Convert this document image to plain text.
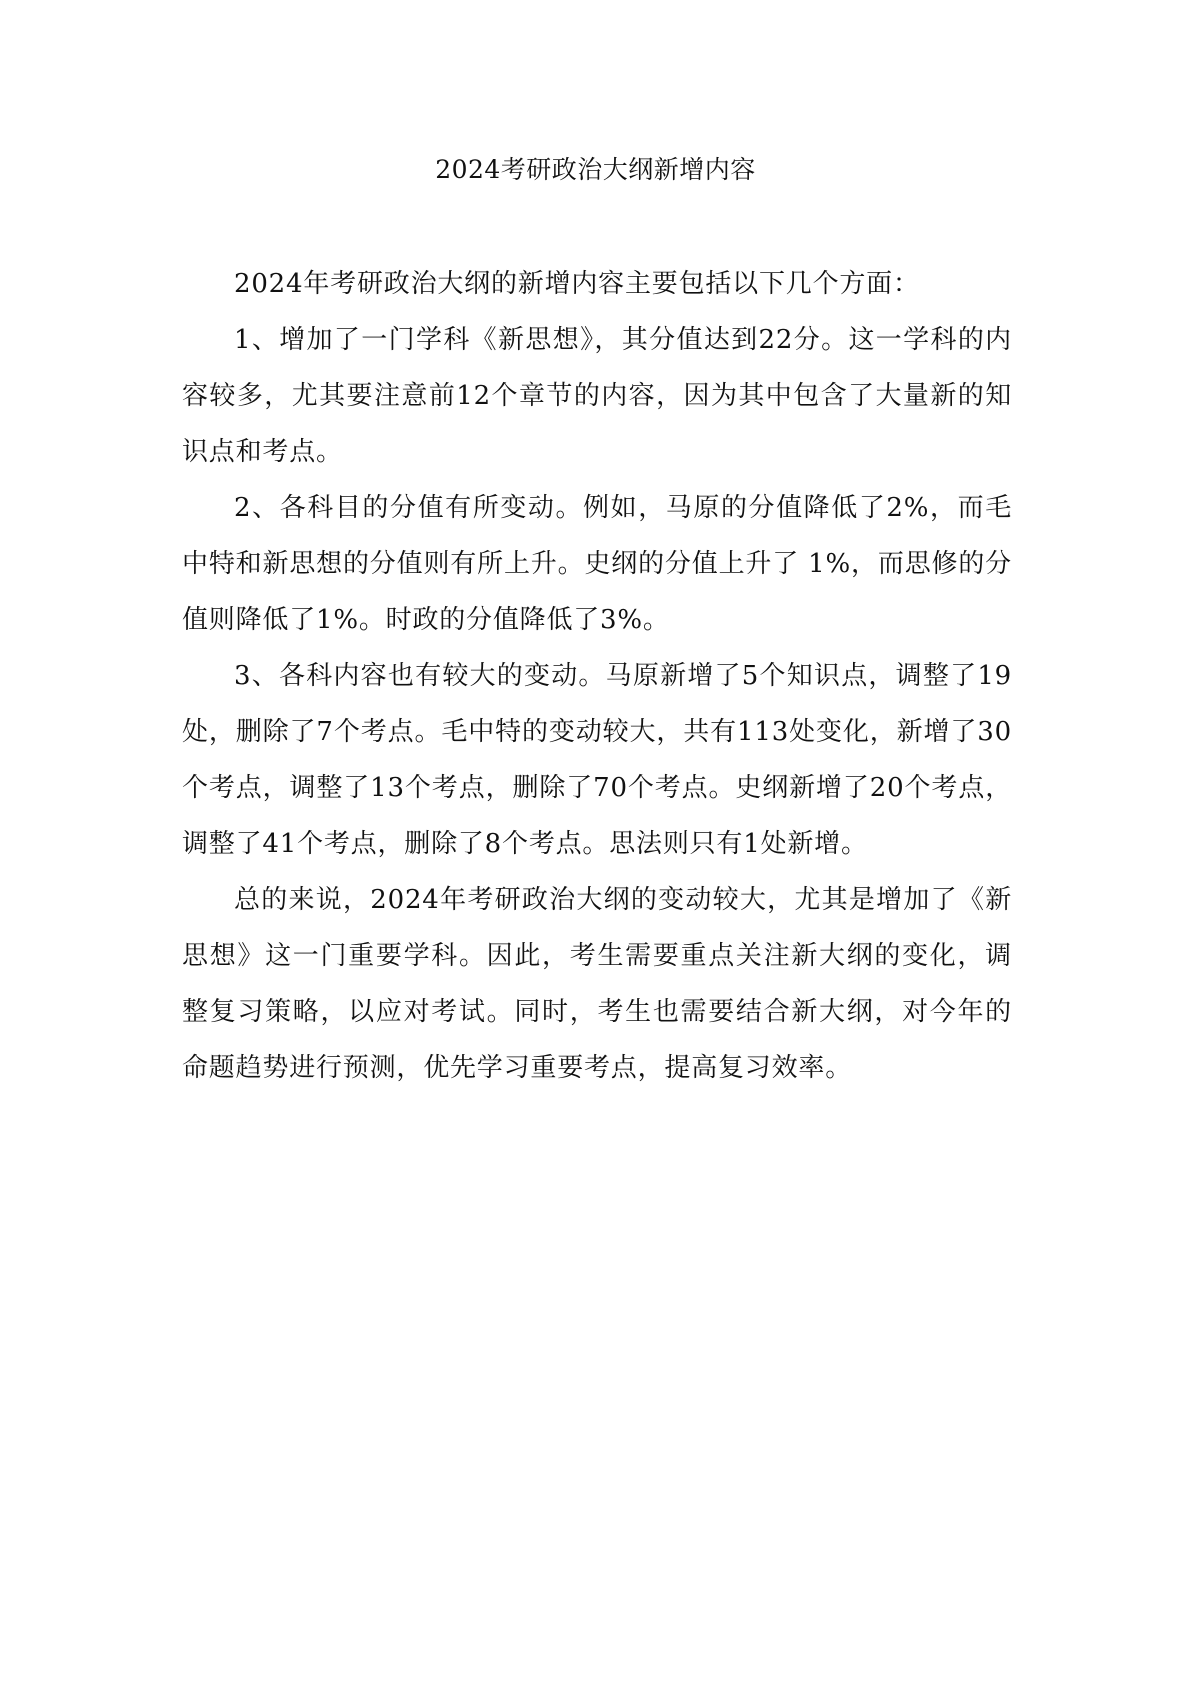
2024考研政治大纲新增内容

2024年考研政治大纲的新增内容主要包括以下几个方面：

1、增加了一门学科《新思想》，其分值达到22分。这一学科的内容较多，尤其要注意前12个章节的内容，因为其中包含了大量新的知识点和考点。

2、各科目的分值有所变动。例如，马原的分值降低了2%，而毛中特和新思想的分值则有所上升。史纲的分值上升了 1%，而思修的分值则降低了1%。时政的分值降低了3%。

3、各科内容也有较大的变动。马原新增了5个知识点，调整了19处，删除了7个考点。毛中特的变动较大，共有113处变化，新增了30个考点，调整了13个考点，删除了70个考点。史纲新增了20个考点，调整了41个考点，删除了8个考点。思法则只有1处新增。

总的来说，2024年考研政治大纲的变动较大，尤其是增加了《新思想》这一门重要学科。因此，考生需要重点关注新大纲的变化，调整复习策略，以应对考试。同时，考生也需要结合新大纲，对今年的命题趋势进行预测，优先学习重要考点，提高复习效率。
